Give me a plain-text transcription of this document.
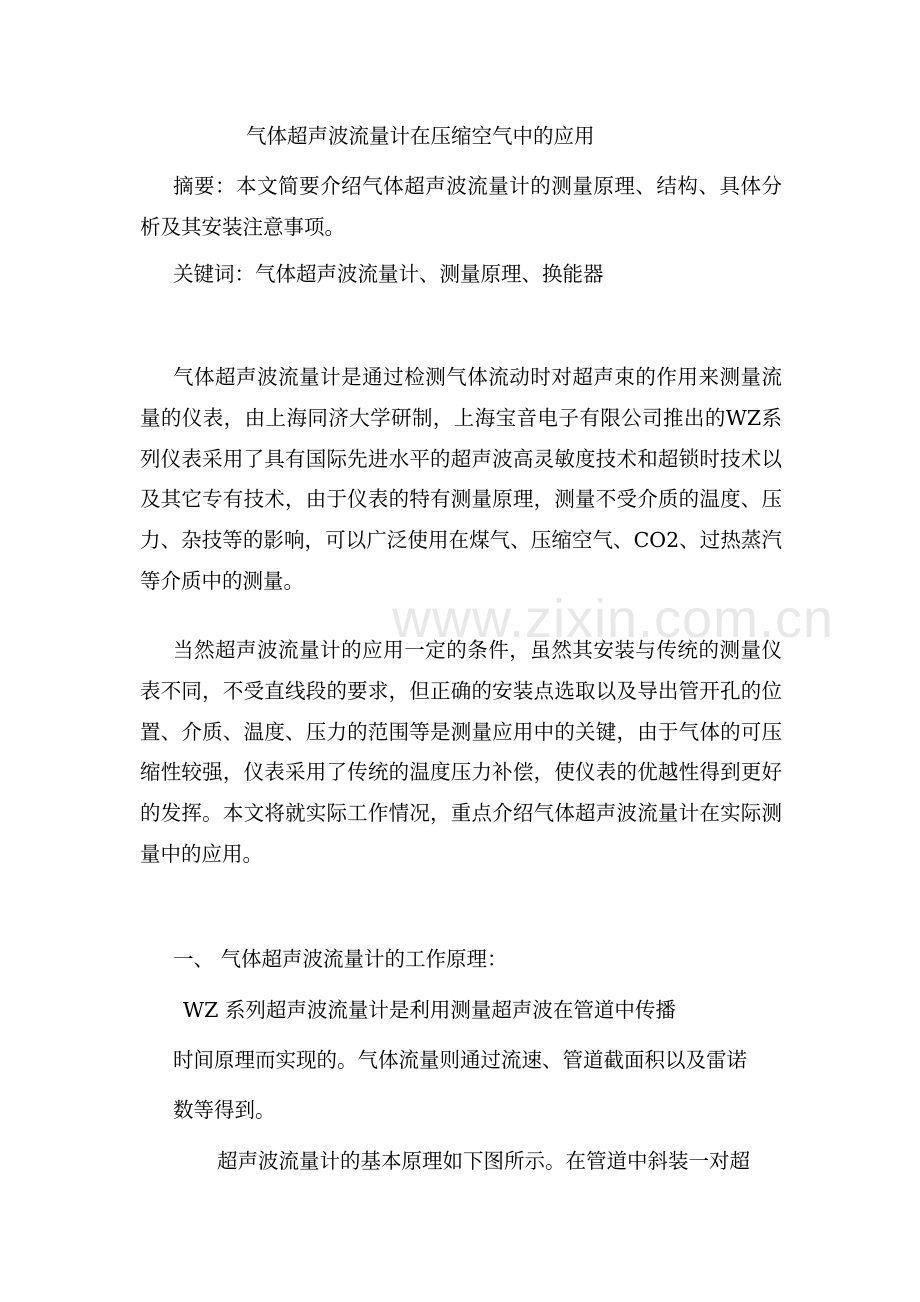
www.zixin.com.cn
气体超声波流量计在压缩空气中的应用

摘要：本文简要介绍气体超声波流量计的测量原理、结构、具体分析及其安装注意事项。

关键词：气体超声波流量计、测量原理、换能器

气体超声波流量计是通过检测气体流动时对超声束的作用来测量流量的仪表，由上海同济大学研制，上海宝音电子有限公司推出的WZ系列仪表采用了具有国际先进水平的超声波高灵敏度技术和超锁时技术以及其它专有技术，由于仪表的特有测量原理，测量不受介质的温度、压力、杂技等的影响，可以广泛使用在煤气、压缩空气、CO2、过热蒸汽等介质中的测量。

当然超声波流量计的应用一定的条件，虽然其安装与传统的测量仪表不同，不受直线段的要求，但正确的安装点选取以及导出管开孔的位置、介质、温度、压力的范围等是测量应用中的关键，由于气体的可压缩性较强，仪表采用了传统的温度压力补偿，使仪表的优越性得到更好的发挥。本文将就实际工作情况，重点介绍气体超声波流量计在实际测量中的应用。

一、 气体超声波流量计的工作原理：
WZ 系列超声波流量计是利用测量超声波在管道中传播
时间原理而实现的。气体流量则通过流速、管道截面积以及雷诺
数等得到。
超声波流量计的基本原理如下图所示。在管道中斜装一对超
